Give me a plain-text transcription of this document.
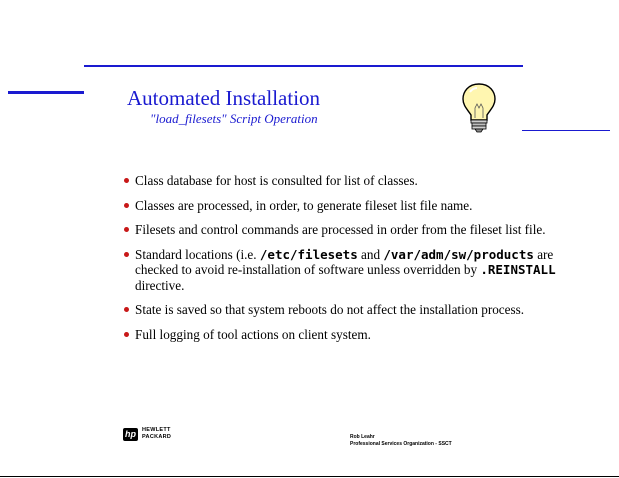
Automated Installation
"load_filesets" Script Operation
Class database for host is consulted for list of classes.
Classes are processed, in order, to generate fileset list file name.
Filesets and control commands are processed in order from the fileset list file.
Standard locations (i.e. /etc/filesets and /var/adm/sw/products are checked to avoid re-installation of software unless overridden by .REINSTALL directive.
State is saved so that system reboots do not affect the installation process.
Full logging of tool actions on client system.
hp	HEWLETT
PACKARD	Rob Leahr
Professional Services Organization - SSCT
